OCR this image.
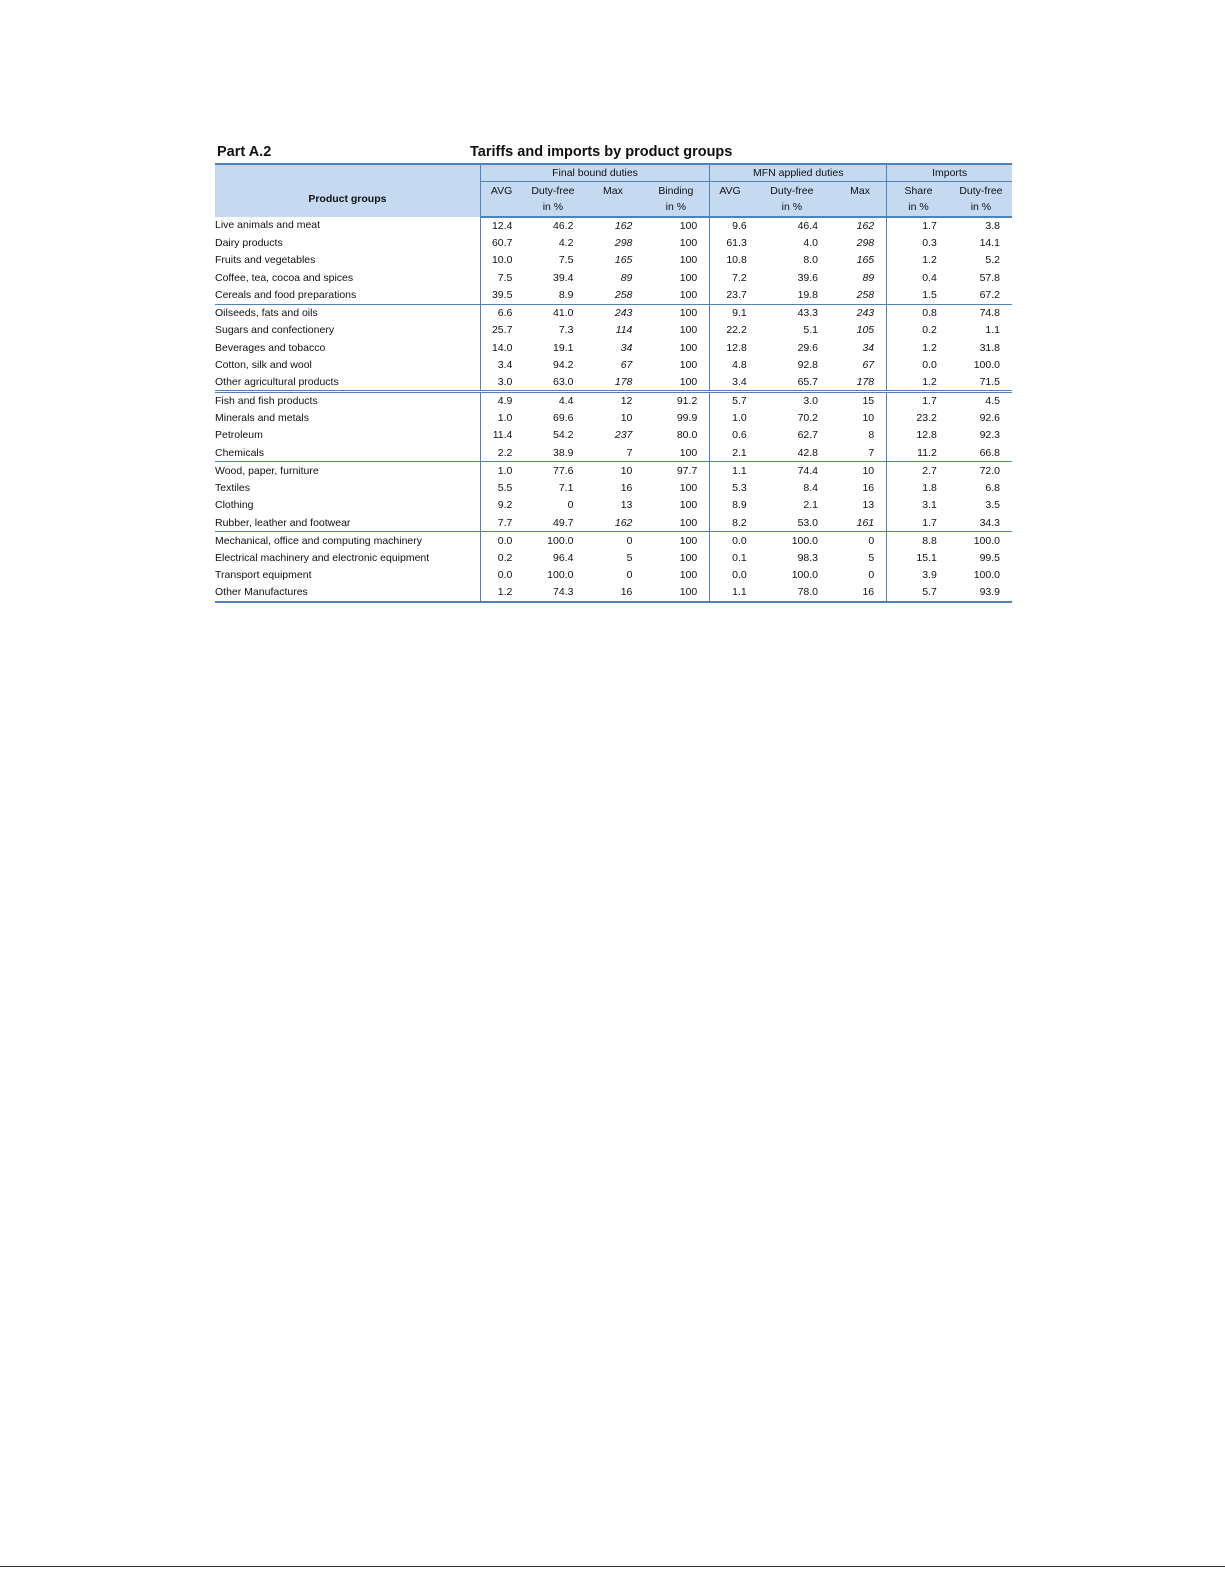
Part A.2	Tariffs and imports by product groups
	Final bound duties				MFN applied duties			Imports	
Product groups	AVG	Duty-free	Max	Binding	AVG	Duty-free	Max	Share	Duty-free
		in %		in %		in %		in %	in %
Live animals and meat	12.4	46.2	162	100	9.6	46.4	162	1.7	3.8
Dairy products	60.7	4.2	298	100	61.3	4.0	298	0.3	14.1
Fruits and vegetables	10.0	7.5	165	100	10.8	8.0	165	1.2	5.2
Coffee, tea, cocoa and spices	7.5	39.4	89	100	7.2	39.6	89	0.4	57.8
Cereals and food preparations	39.5	8.9	258	100	23.7	19.8	258	1.5	67.2
Oilseeds, fats and oils	6.6	41.0	243	100	9.1	43.3	243	0.8	74.8
Sugars and confectionery	25.7	7.3	114	100	22.2	5.1	105	0.2	1.1
Beverages and tobacco	14.0	19.1	34	100	12.8	29.6	34	1.2	31.8
Cotton, silk and wool	3.4	94.2	67	100	4.8	92.8	67	0.0	100.0
Other agricultural products	3.0	63.0	178	100	3.4	65.7	178	1.2	71.5
Fish and fish products	4.9	4.4	12	91.2	5.7	3.0	15	1.7	4.5
Minerals and metals	1.0	69.6	10	99.9	1.0	70.2	10	23.2	92.6
Petroleum	11.4	54.2	237	80.0	0.6	62.7	8	12.8	92.3
Chemicals	2.2	38.9	7	100	2.1	42.8	7	11.2	66.8
Wood, paper, furniture	1.0	77.6	10	97.7	1.1	74.4	10	2.7	72.0
Textiles	5.5	7.1	16	100	5.3	8.4	16	1.8	6.8
Clothing	9.2	0	13	100	8.9	2.1	13	3.1	3.5
Rubber, leather and footwear	7.7	49.7	162	100	8.2	53.0	161	1.7	34.3
Mechanical, office and computing machinery	0.0	100.0	0	100	0.0	100.0	0	8.8	100.0
Electrical machinery and electronic equipment	0.2	96.4	5	100	0.1	98.3	5	15.1	99.5
Transport equipment	0.0	100.0	0	100	0.0	100.0	0	3.9	100.0
Other Manufactures	1.2	74.3	16	100	1.1	78.0	16	5.7	93.9
